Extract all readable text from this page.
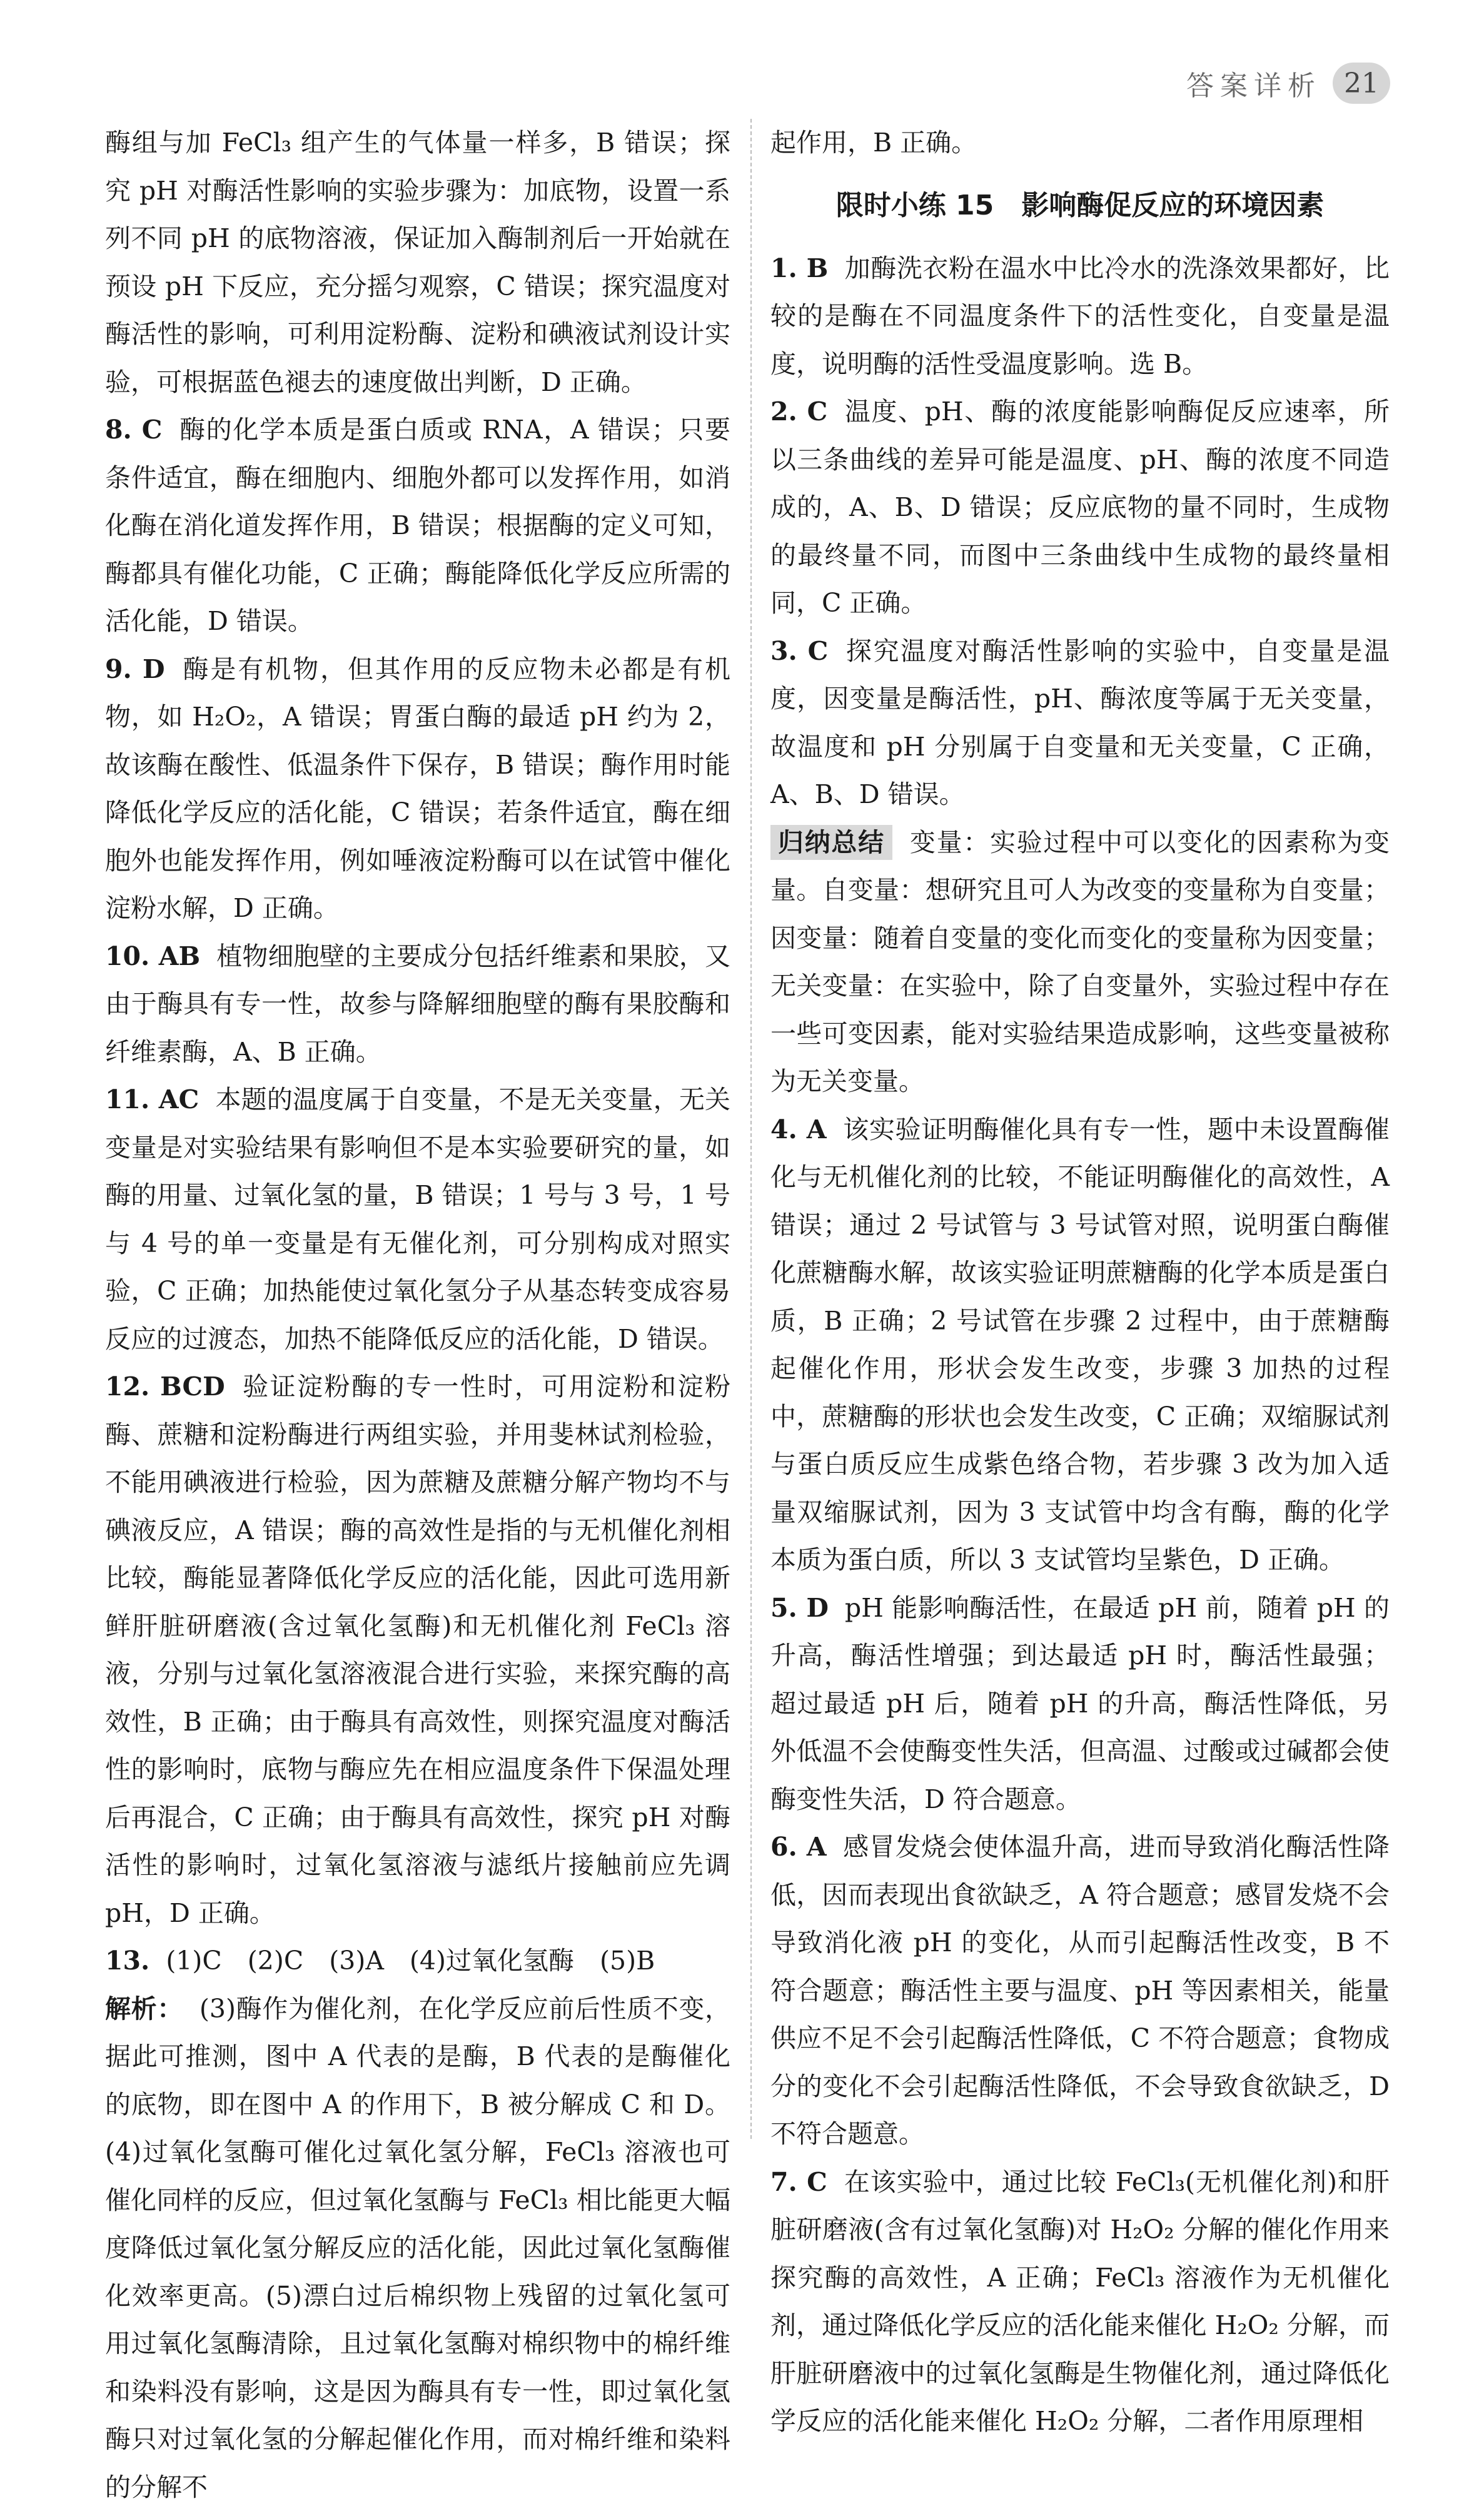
答案详析 21

酶组与加 FeCl₃ 组产生的气体量一样多，B 错误；探究 pH 对酶活性影响的实验步骤为：加底物，设置一系列不同 pH 的底物溶液，保证加入酶制剂后一开始就在预设 pH 下反应，充分摇匀观察，C 错误；探究温度对酶活性的影响，可利用淀粉酶、淀粉和碘液试剂设计实验，可根据蓝色褪去的速度做出判断，D 正确。

8. C 酶的化学本质是蛋白质或 RNA，A 错误；只要条件适宜，酶在细胞内、细胞外都可以发挥作用，如消化酶在消化道发挥作用，B 错误；根据酶的定义可知，酶都具有催化功能，C 正确；酶能降低化学反应所需的活化能，D 错误。

9. D 酶是有机物，但其作用的反应物未必都是有机物，如 H₂O₂，A 错误；胃蛋白酶的最适 pH 约为 2，故该酶在酸性、低温条件下保存，B 错误；酶作用时能降低化学反应的活化能，C 错误；若条件适宜，酶在细胞外也能发挥作用，例如唾液淀粉酶可以在试管中催化淀粉水解，D 正确。

10. AB 植物细胞壁的主要成分包括纤维素和果胶，又由于酶具有专一性，故参与降解细胞壁的酶有果胶酶和纤维素酶，A、B 正确。

11. AC 本题的温度属于自变量，不是无关变量，无关变量是对实验结果有影响但不是本实验要研究的量，如酶的用量、过氧化氢的量，B 错误；1 号与 3 号，1 号与 4 号的单一变量是有无催化剂，可分别构成对照实验，C 正确；加热能使过氧化氢分子从基态转变成容易反应的过渡态，加热不能降低反应的活化能，D 错误。

12. BCD 验证淀粉酶的专一性时，可用淀粉和淀粉酶、蔗糖和淀粉酶进行两组实验，并用斐林试剂检验，不能用碘液进行检验，因为蔗糖及蔗糖分解产物均不与碘液反应，A 错误；酶的高效性是指的与无机催化剂相比较，酶能显著降低化学反应的活化能，因此可选用新鲜肝脏研磨液(含过氧化氢酶)和无机催化剂 FeCl₃ 溶液，分别与过氧化氢溶液混合进行实验，来探究酶的高效性，B 正确；由于酶具有高效性，则探究温度对酶活性的影响时，底物与酶应先在相应温度条件下保温处理后再混合，C 正确；由于酶具有高效性，探究 pH 对酶活性的影响时，过氧化氢溶液与滤纸片接触前应先调 pH，D 正确。

13. (1)C　(2)C　(3)A　(4)过氧化氢酶　(5)B

解析： (3)酶作为催化剂，在化学反应前后性质不变，据此可推测，图中 A 代表的是酶，B 代表的是酶催化的底物，即在图中 A 的作用下，B 被分解成 C 和 D。(4)过氧化氢酶可催化过氧化氢分解，FeCl₃ 溶液也可催化同样的反应，但过氧化氢酶与 FeCl₃ 相比能更大幅度降低过氧化氢分解反应的活化能，因此过氧化氢酶催化效率更高。(5)漂白过后棉织物上残留的过氧化氢可用过氧化氢酶清除，且过氧化氢酶对棉织物中的棉纤维和染料没有影响，这是因为酶具有专一性，即过氧化氢酶只对过氧化氢的分解起催化作用，而对棉纤维和染料的分解不

起作用，B 正确。

限时小练 15　影响酶促反应的环境因素

1. B 加酶洗衣粉在温水中比冷水的洗涤效果都好，比较的是酶在不同温度条件下的活性变化，自变量是温度，说明酶的活性受温度影响。选 B。

2. C 温度、pH、酶的浓度能影响酶促反应速率，所以三条曲线的差异可能是温度、pH、酶的浓度不同造成的，A、B、D 错误；反应底物的量不同时，生成物的最终量不同，而图中三条曲线中生成物的最终量相同，C 正确。

3. C 探究温度对酶活性影响的实验中，自变量是温度，因变量是酶活性，pH、酶浓度等属于无关变量，故温度和 pH 分别属于自变量和无关变量，C 正确，A、B、D 错误。

归纳总结 变量：实验过程中可以变化的因素称为变量。自变量：想研究且可人为改变的变量称为自变量；因变量：随着自变量的变化而变化的变量称为因变量；无关变量：在实验中，除了自变量外，实验过程中存在一些可变因素，能对实验结果造成影响，这些变量被称为无关变量。

4. A 该实验证明酶催化具有专一性，题中未设置酶催化与无机催化剂的比较，不能证明酶催化的高效性，A 错误；通过 2 号试管与 3 号试管对照，说明蛋白酶催化蔗糖酶水解，故该实验证明蔗糖酶的化学本质是蛋白质，B 正确；2 号试管在步骤 2 过程中，由于蔗糖酶起催化作用，形状会发生改变，步骤 3 加热的过程中，蔗糖酶的形状也会发生改变，C 正确；双缩脲试剂与蛋白质反应生成紫色络合物，若步骤 3 改为加入适量双缩脲试剂，因为 3 支试管中均含有酶，酶的化学本质为蛋白质，所以 3 支试管均呈紫色，D 正确。

5. D pH 能影响酶活性，在最适 pH 前，随着 pH 的升高，酶活性增强；到达最适 pH 时，酶活性最强；超过最适 pH 后，随着 pH 的升高，酶活性降低，另外低温不会使酶变性失活，但高温、过酸或过碱都会使酶变性失活，D 符合题意。

6. A 感冒发烧会使体温升高，进而导致消化酶活性降低，因而表现出食欲缺乏，A 符合题意；感冒发烧不会导致消化液 pH 的变化，从而引起酶活性改变，B 不符合题意；酶活性主要与温度、pH 等因素相关，能量供应不足不会引起酶活性降低，C 不符合题意；食物成分的变化不会引起酶活性降低，不会导致食欲缺乏，D 不符合题意。

7. C 在该实验中，通过比较 FeCl₃(无机催化剂)和肝脏研磨液(含有过氧化氢酶)对 H₂O₂ 分解的催化作用来探究酶的高效性，A 正确；FeCl₃ 溶液作为无机催化剂，通过降低化学反应的活化能来催化 H₂O₂ 分解，而肝脏研磨液中的过氧化氢酶是生物催化剂，通过降低化学反应的活化能来催化 H₂O₂ 分解，二者作用原理相
